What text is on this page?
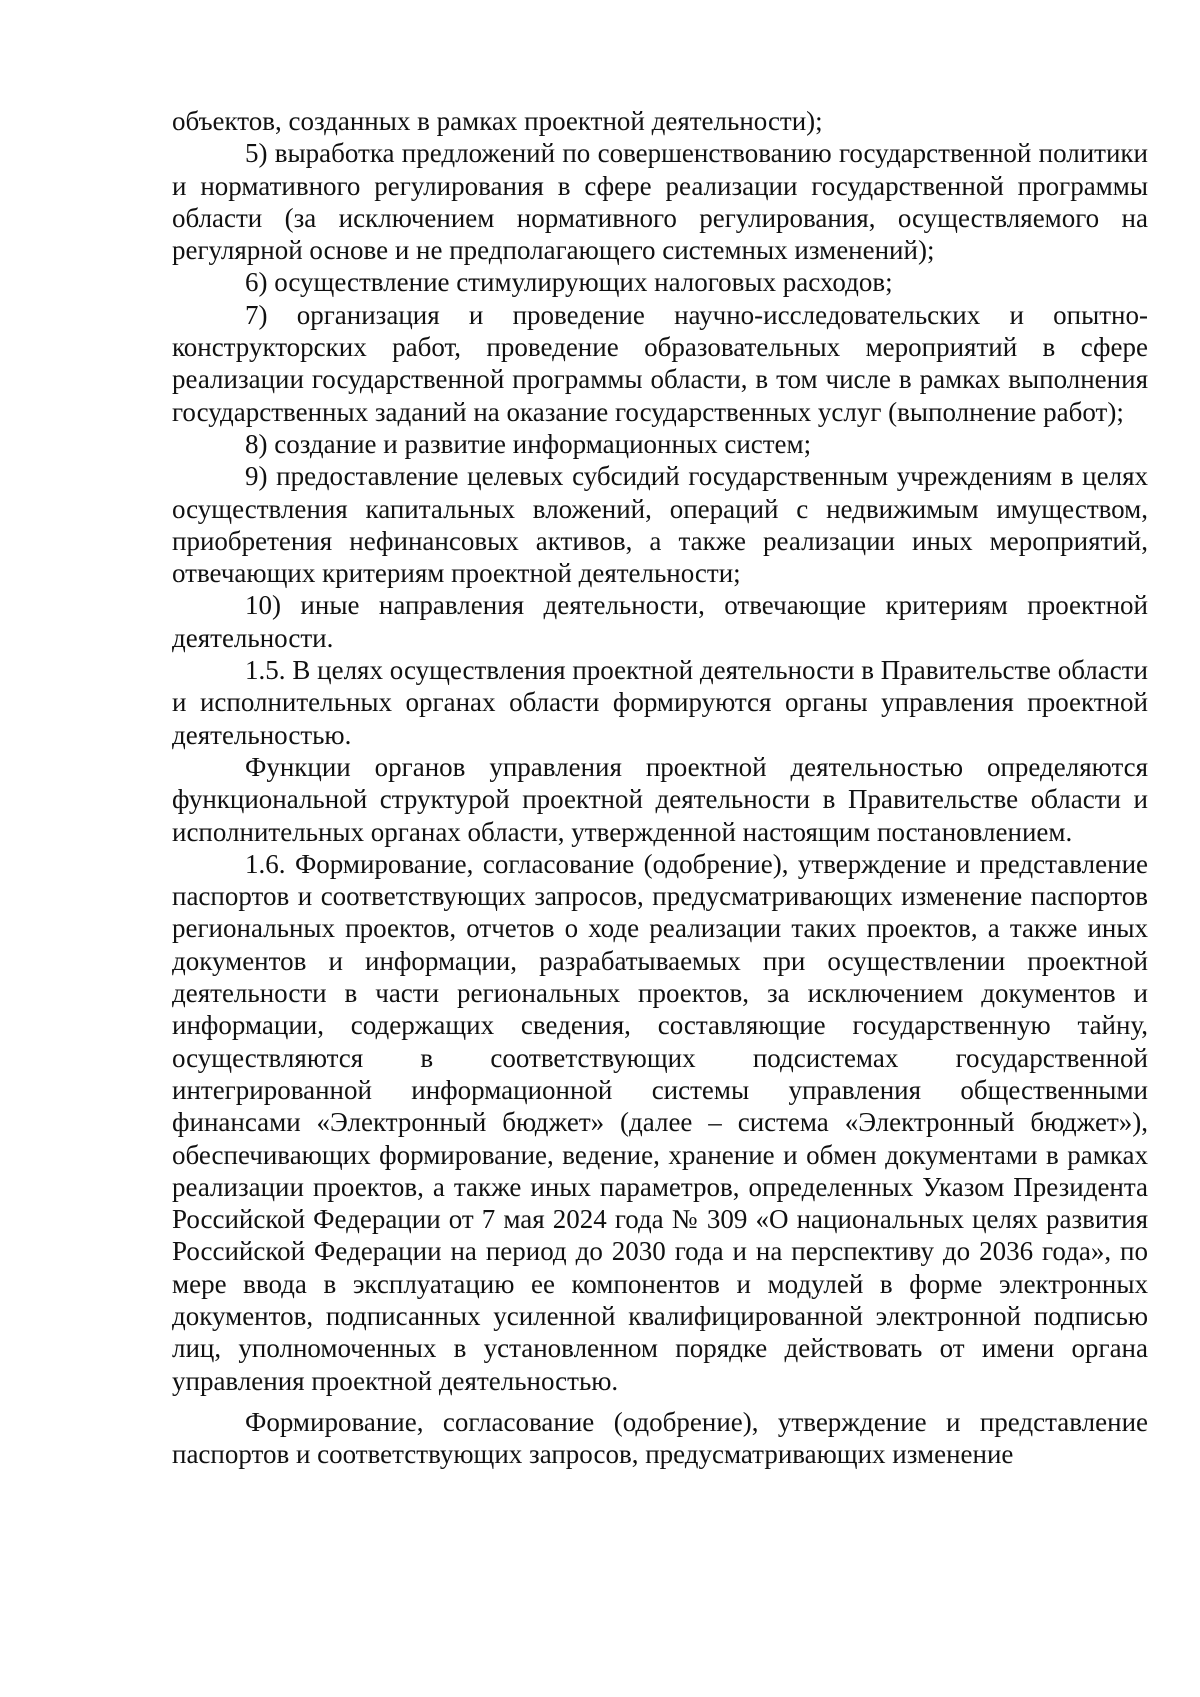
объектов, созданных в рамках проектной деятельности);

5) выработка предложений по совершенствованию государственной политики и нормативного регулирования в сфере реализации государственной программы области (за исключением нормативного регулирования, осуществляемого на регулярной основе и не предполагающего системных изменений);

6) осуществление стимулирующих налоговых расходов;

7) организация и проведение научно-исследовательских и опытно-конструкторских работ, проведение образовательных мероприятий в сфере реализации государственной программы области, в том числе в рамках выполнения государственных заданий на оказание государственных услуг (выполнение работ);

8) создание и развитие информационных систем;

9) предоставление целевых субсидий государственным учреждениям в целях осуществления капитальных вложений, операций с недвижимым имуществом, приобретения нефинансовых активов, а также реализации иных мероприятий, отвечающих критериям проектной деятельности;

10) иные направления деятельности, отвечающие критериям проектной деятельности.

1.5. В целях осуществления проектной деятельности в Правительстве области и исполнительных органах области формируются органы управления проектной деятельностью.

Функции органов управления проектной деятельностью определяются функциональной структурой проектной деятельности в Правительстве области и исполнительных органах области, утвержденной настоящим постановлением.

1.6. Формирование, согласование (одобрение), утверждение и представление паспортов и соответствующих запросов, предусматривающих изменение паспортов региональных проектов, отчетов о ходе реализации таких проектов, а также иных документов и информации, разрабатываемых при осуществлении проектной деятельности в части региональных проектов, за исключением документов и информации, содержащих сведения, составляющие государственную тайну, осуществляются в соответствующих подсистемах государственной интегрированной информационной системы управления общественными финансами «Электронный бюджет» (далее – система «Электронный бюджет»), обеспечивающих формирование, ведение, хранение и обмен документами в рамках реализации проектов, а также иных параметров, определенных Указом Президента Российской Федерации от 7 мая 2024 года № 309 «О национальных целях развития Российской Федерации на период до 2030 года и на перспективу до 2036 года», по мере ввода в эксплуатацию ее компонентов и модулей в форме электронных документов, подписанных усиленной квалифицированной электронной подписью лиц, уполномоченных в установленном порядке действовать от имени органа управления проектной деятельностью.

Формирование, согласование (одобрение), утверждение и представление паспортов и соответствующих запросов, предусматривающих изменение
